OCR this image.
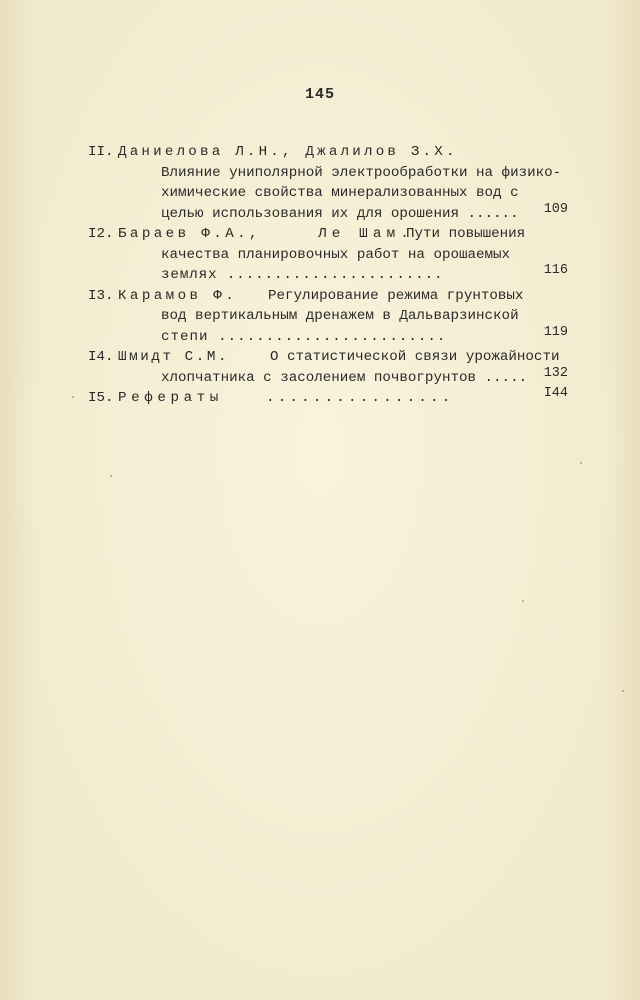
145
II. Даниелова Л.Н., Джалилов З.Х.
Влияние униполярной электрообработки на физико-
химические свойства минерализованных вод с
целью использования их для орошения ...... 109
I2. Бараев Ф.А.,	Ле Шам.
Пути повышения
качества планировочных работ на орошаемых
землях .......................	116
I3. Карамов Ф. Регулирование режима грунтовых
вод вертикальным дренажем в Дальварзинской
степи ........................	119
I4. Шмидт С.М.	О статистической связи урожайности
хлопчатника с засолением почвогрунтов ..... 132
I5. Рефераты	................	I44
